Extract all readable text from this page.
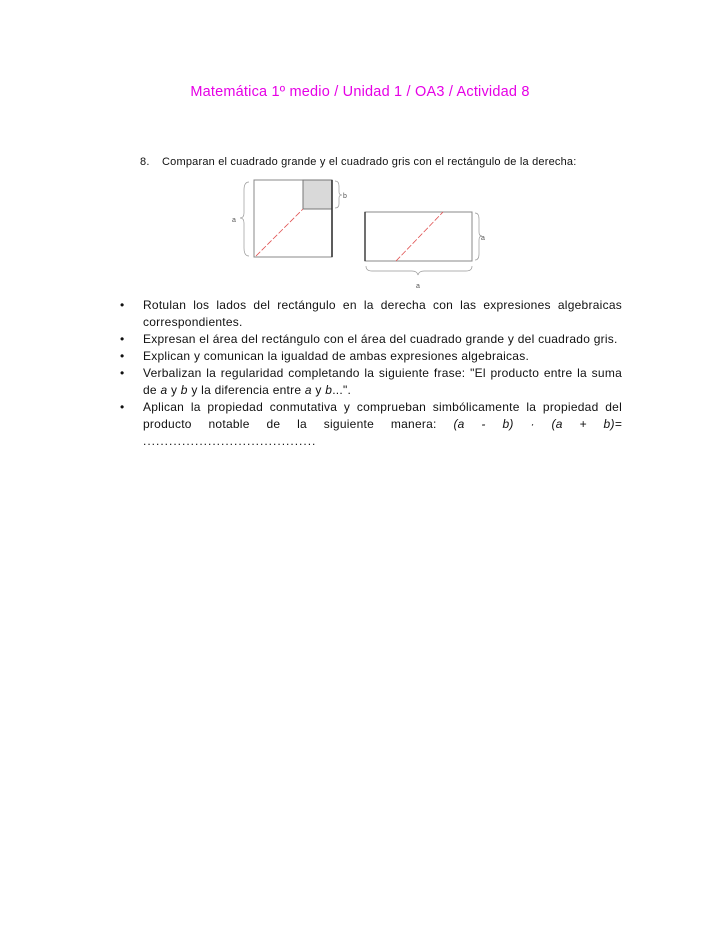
Matemática 1º medio / Unidad 1 / OA3 / Actividad 8
8. Comparan el cuadrado grande y el cuadrado gris con el rectángulo de la derecha:
a
b
a
a
• Rotulan los lados del rectángulo en la derecha con las expresiones algebraicas correspondientes.
• Expresan el área del rectángulo con el área del cuadrado grande y del cuadrado gris.
• Explican y comunican la igualdad de ambas expresiones algebraicas.
• Verbalizan la regularidad completando la siguiente frase: "El producto entre la suma de a y b y la diferencia entre a y b...".
• Aplican la propiedad conmutativa y comprueban simbólicamente la propiedad del producto notable de la siguiente manera: (a - b) · (a + b)= ........................................
